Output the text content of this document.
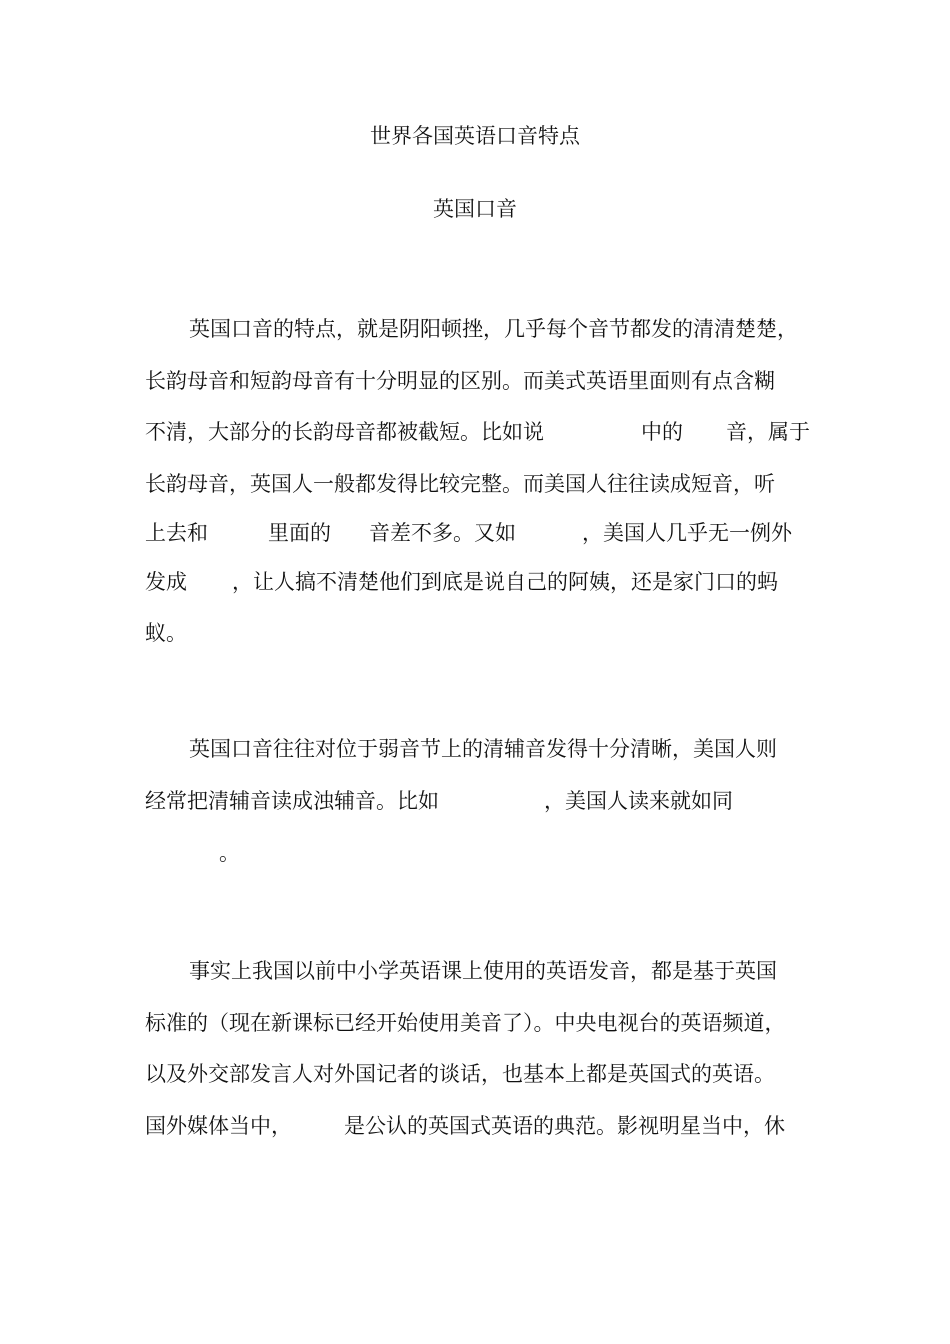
世界各国英语口音特点
英国口音
英国口音的特点，就是阴阳顿挫，几乎每个音节都发的清清楚楚，
长韵母音和短韵母音有十分明显的区别。而美式英语里面则有点含糊
不清，大部分的长韵母音都被截短。比如说	中的 音，属于
长韵母音，英国人一般都发得比较完整。而美国人往往读成短音，听
上去和	里面的 音差不多。又如	，美国人几乎无一例外
发成 ，让人搞不清楚他们到底是说自己的阿姨，还是家门口的蚂
蚁。
英国口音往往对位于弱音节上的清辅音发得十分清晰，美国人则
经常把清辅音读成浊辅音。比如	，美国人读来就如同
。
事实上我国以前中小学英语课上使用的英语发音，都是基于英国
标准的（现在新课标已经开始使用美音了）。中央电视台的英语频道，
以及外交部发言人对外国记者的谈话，也基本上都是英国式的英语。
国外媒体当中， 是公认的英国式英语的典范。影视明星当中，休
